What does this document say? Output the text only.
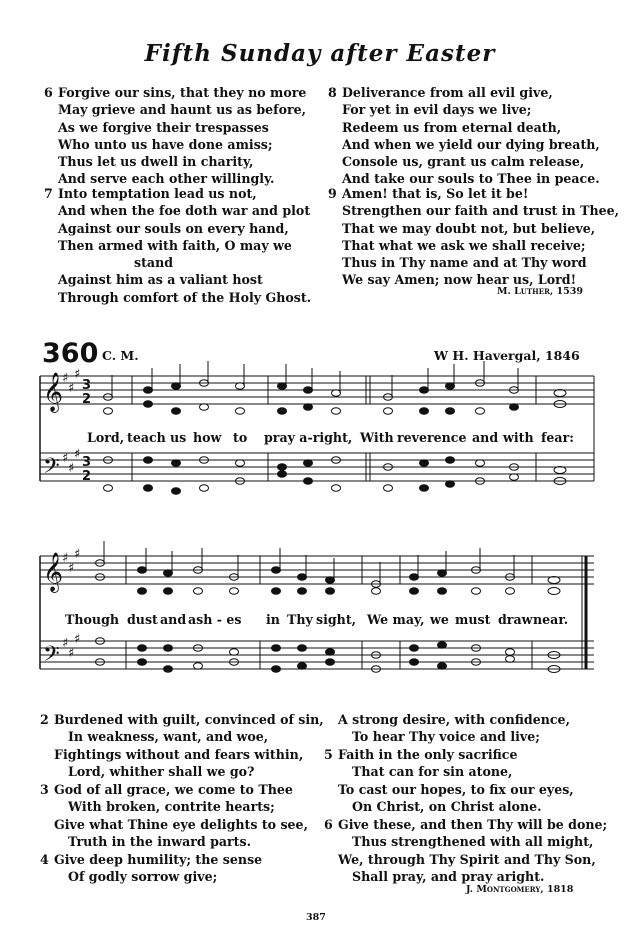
Fifth Sunday after Easter
6 Forgive our sins, that they no more
May grieve and haunt us as before,
As we forgive their trespasses
Who unto us have done amiss;
Thus let us dwell in charity,
And serve each other willingly.
7 Into temptation lead us not,
And when the foe doth war and plot
Against our souls on every hand,
Then armed with faith, O may we
stand
Against him as a valiant host
Through comfort of the Holy Ghost.
8 Deliverance from all evil give,
For yet in evil days we live;
Redeem us from eternal death,
And when we yield our dying breath,
Console us, grant us calm release,
And take our souls to Thee in peace.
9 Amen! that is, So let it be!
Strengthen our faith and trust in Thee,
That we may doubt not, but believe,
That what we ask we shall receive;
Thus in Thy name and at Thy word
We say Amen; now hear us, Lord!
M. Luther, 1539
360 C. M.	W H. Havergal, 1846
𝄞
𝄢
𝄞
𝄢
♯
♯
♯
♯
♯
♯
♯
♯
♯
♯
♯
♯
3
2
3
2
Lord, teach us how to pray a-right, With reverence and with fear:
Though dust and ash - es in Thy sight, We may, we must draw near.
2 Burdened with guilt, convinced of sin,
In weakness, want, and woe,
Fightings without and fears within,
Lord, whither shall we go?
3 God of all grace, we come to Thee
With broken, contrite hearts;
Give what Thine eye delights to see,
Truth in the inward parts.
4 Give deep humility; the sense
Of godly sorrow give;
A strong desire, with confidence,
To hear Thy voice and live;
5 Faith in the only sacrifice
That can for sin atone,
To cast our hopes, to fix our eyes,
On Christ, on Christ alone.
6 Give these, and then Thy will be done;
Thus strengthened with all might,
We, through Thy Spirit and Thy Son,
Shall pray, and pray aright.
J. Montgomery, 1818
387
